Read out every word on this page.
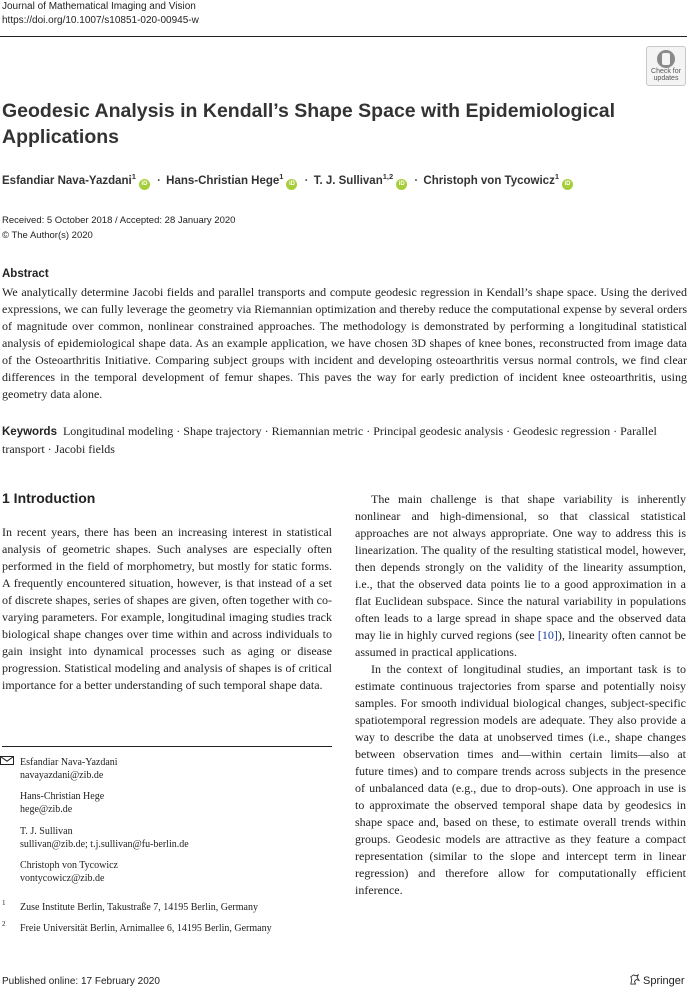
Journal of Mathematical Imaging and Vision
https://doi.org/10.1007/s10851-020-00945-w
Check for
updates
Geodesic Analysis in Kendall’s Shape Space with Epidemiological Applications
Esfandiar Nava-Yazdani$^1$iD · Hans-Christian Hege$^1$iD · T. J. Sullivan$^{1,2}$iD · Christoph von Tycowicz$^1$iD
Received: 5 October 2018 / Accepted: 28 January 2020
© The Author(s) 2020
Abstract
We analytically determine Jacobi fields and parallel transports and compute geodesic regression in Kendall’s shape space. Using the derived expressions, we can fully leverage the geometry via Riemannian optimization and thereby reduce the computational expense by several orders of magnitude over common, nonlinear constrained approaches. The methodology is demonstrated by performing a longitudinal statistical analysis of epidemiological shape data. As an example application, we have chosen 3D shapes of knee bones, reconstructed from image data of the Osteoarthritis Initiative. Comparing subject groups with incident and developing osteoarthritis versus normal controls, we find clear differences in the temporal development of femur shapes. This paves the way for early prediction of incident knee osteoarthritis, using geometry data alone.
Keywords Longitudinal modeling · Shape trajectory · Riemannian metric · Principal geodesic analysis · Geodesic regression · Parallel transport · Jacobi fields
1 Introduction

In recent years, there has been an increasing interest in statistical analysis of geometric shapes. Such analyses are especially often performed in the field of morphometry, but mostly for static forms. A frequently encountered situation, however, is that instead of a set of discrete shapes, series of shapes are given, often together with co-varying parameters. For example, longitudinal imaging studies track biological shape changes over time within and across individuals to gain insight into dynamical processes such as aging or disease progression. Statistical modeling and analysis of shapes is of critical importance for a better understanding of such temporal shape data.

The main challenge is that shape variability is inherently nonlinear and high-dimensional, so that classical statistical approaches are not always appropriate. One way to address this is linearization. The quality of the resulting statistical model, however, then depends strongly on the validity of the linearity assumption, i.e., that the observed data points lie to a good approximation in a flat Euclidean subspace. Since the natural variability in populations often leads to a large spread in shape space and the observed data may lie in highly curved regions (see [10]), linearity often cannot be assumed in practical applications.

In the context of longitudinal studies, an important task is to estimate continuous trajectories from sparse and potentially noisy samples. For smooth individual biological changes, subject-specific spatiotemporal regression models are adequate. They also provide a way to describe the data at unobserved times (i.e., shape changes between observation times and—within certain limits—also at future times) and to compare trends across subjects in the presence of unbalanced data (e.g., due to drop-outs). One approach in use is to approximate the observed temporal shape data by geodesics in shape space and, based on these, to estimate overall trends within groups. Geodesic models are attractive as they feature a compact representation (similar to the slope and intercept term in linear regression) and therefore allow for computationally efficient inference.

Esfandiar Nava-Yazdani
navayazdani@zib.de
Hans-Christian Hege
hege@zib.de
T. J. Sullivan
sullivan@zib.de; t.j.sullivan@fu-berlin.de
Christoph von Tycowicz
vontycowicz@zib.de
1 Zuse Institute Berlin, Takustraße 7, 14195 Berlin, Germany
2 Freie Universität Berlin, Arnimallee 6, 14195 Berlin, Germany
Published online: 17 February 2020	Springer
